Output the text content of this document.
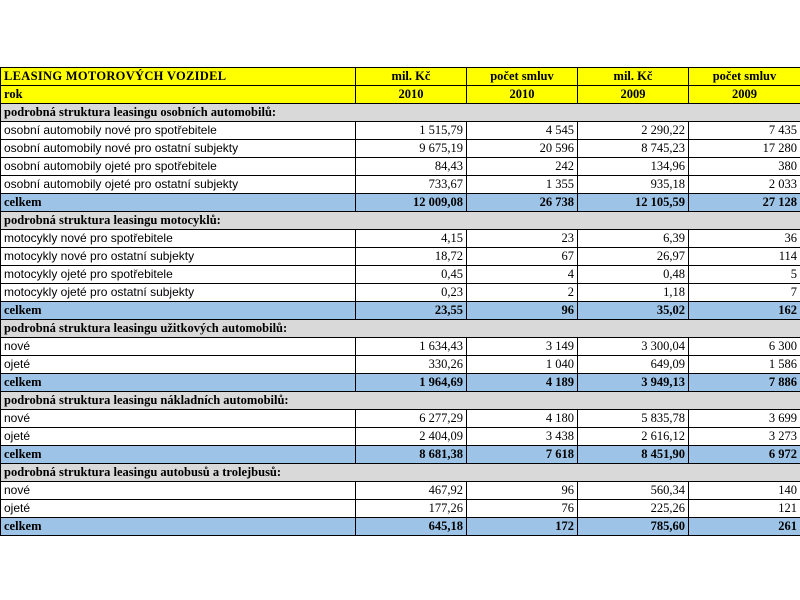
LEASING MOTOROVÝCH VOZIDEL	mil. Kč	počet smluv	mil. Kč	počet smluv
rok	2010	2010	2009	2009
podrobná struktura leasingu osobních automobilů:				
osobní automobily nové pro spotřebitele	1 515,79	4 545	2 290,22	7 435
osobní automobily nové pro ostatní subjekty	9 675,19	20 596	8 745,23	17 280
osobní automobily ojeté pro spotřebitele	84,43	242	134,96	380
osobní automobily ojeté pro ostatní subjekty	733,67	1 355	935,18	2 033
celkem	12 009,08	26 738	12 105,59	27 128
podrobná struktura leasingu motocyklů:				
motocykly nové pro spotřebitele	4,15	23	6,39	36
motocykly nové pro ostatní subjekty	18,72	67	26,97	114
motocykly ojeté pro spotřebitele	0,45	4	0,48	5
motocykly ojeté pro ostatní subjekty	0,23	2	1,18	7
celkem	23,55	96	35,02	162
podrobná struktura leasingu užitkových automobilů:				
nové	1 634,43	3 149	3 300,04	6 300
ojeté	330,26	1 040	649,09	1 586
celkem	1 964,69	4 189	3 949,13	7 886
podrobná struktura leasingu nákladních automobilů:				
nové	6 277,29	4 180	5 835,78	3 699
ojeté	2 404,09	3 438	2 616,12	3 273
celkem	8 681,38	7 618	8 451,90	6 972
podrobná struktura leasingu autobusů a trolejbusů:				
nové	467,92	96	560,34	140
ojeté	177,26	76	225,26	121
celkem	645,18	172	785,60	261
